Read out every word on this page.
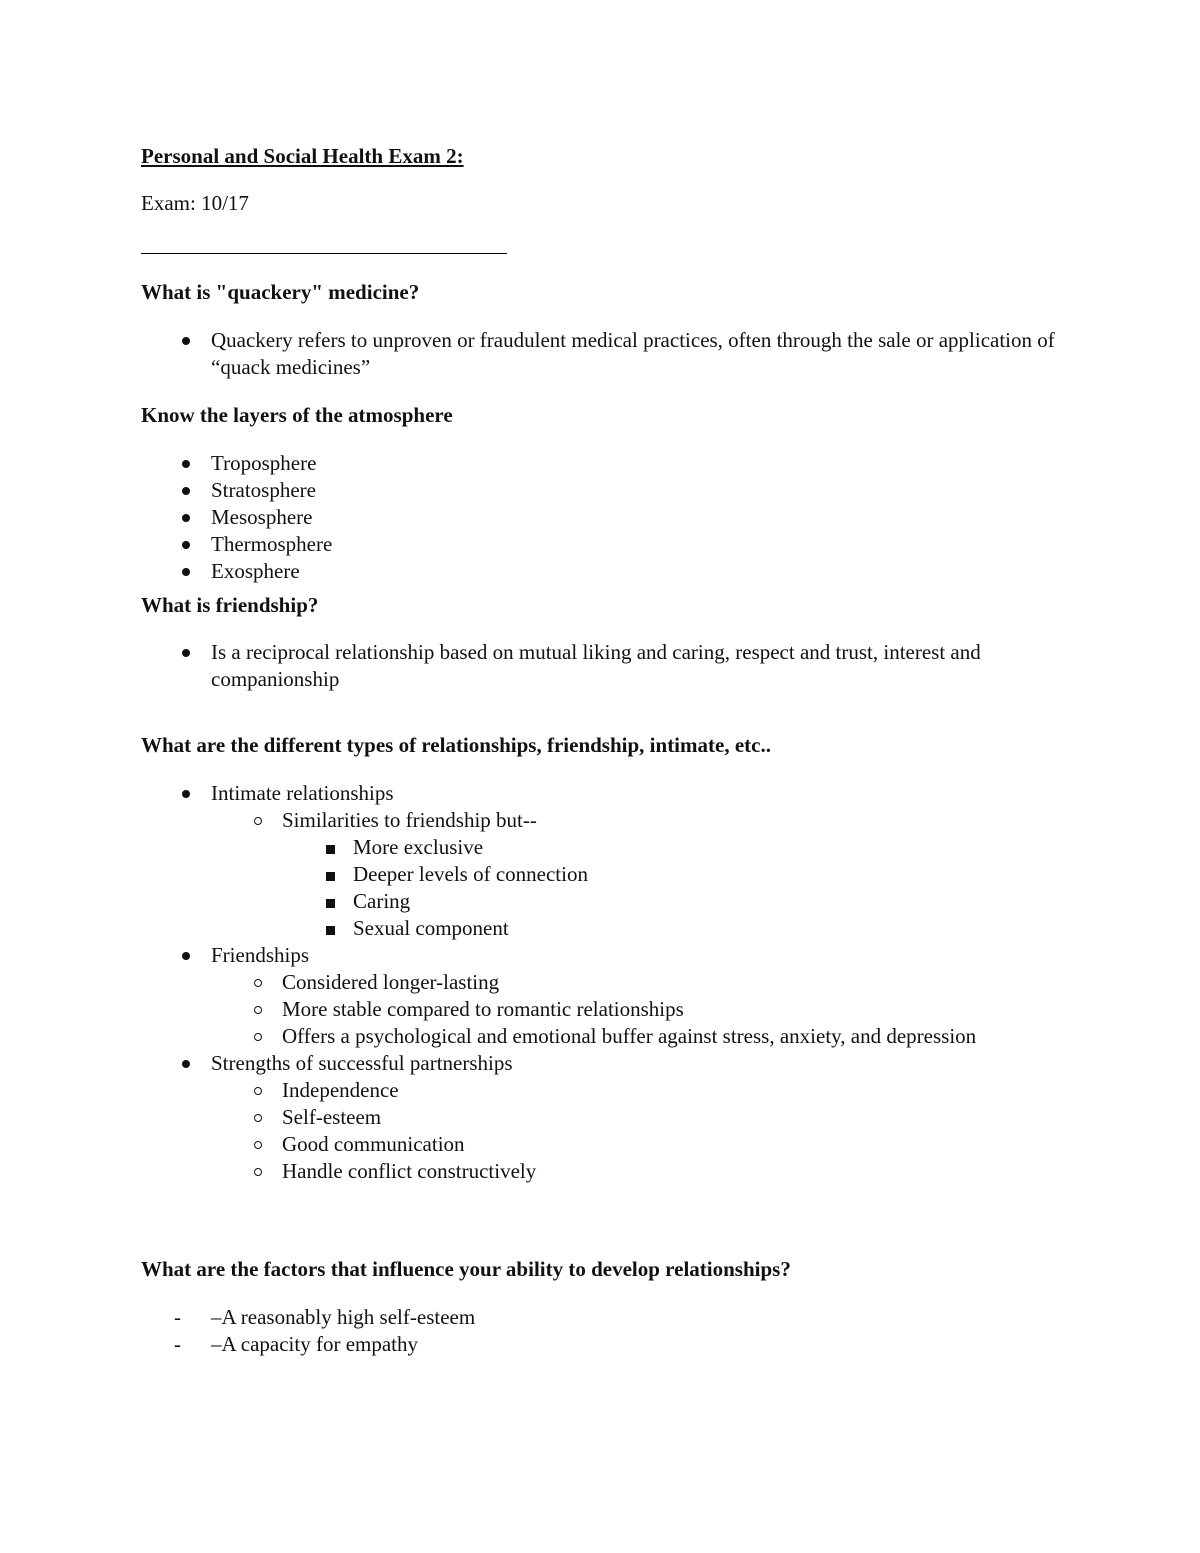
Personal and Social Health Exam 2:

Exam: 10/17

What is "quackery" medicine?

Quackery refers to unproven or fraudulent medical practices, often through the sale or application of “quack medicines”

Know the layers of the atmosphere

Troposphere
Stratosphere
Mesosphere
Thermosphere
Exosphere

What is friendship?

Is a reciprocal relationship based on mutual liking and caring, respect and trust, interest and companionship

What are the different types of relationships, friendship, intimate, etc..

Intimate relationships
Similarities to friendship but--
More exclusive
Deeper levels of connection
Caring
Sexual component
Friendships
Considered longer-lasting
More stable compared to romantic relationships
Offers a psychological and emotional buffer against stress, anxiety, and depression
Strengths of successful partnerships
Independence
Self-esteem
Good communication
Handle conflict constructively

What are the factors that influence your ability to develop relationships?

- –A reasonably high self-esteem
- –A capacity for empathy
